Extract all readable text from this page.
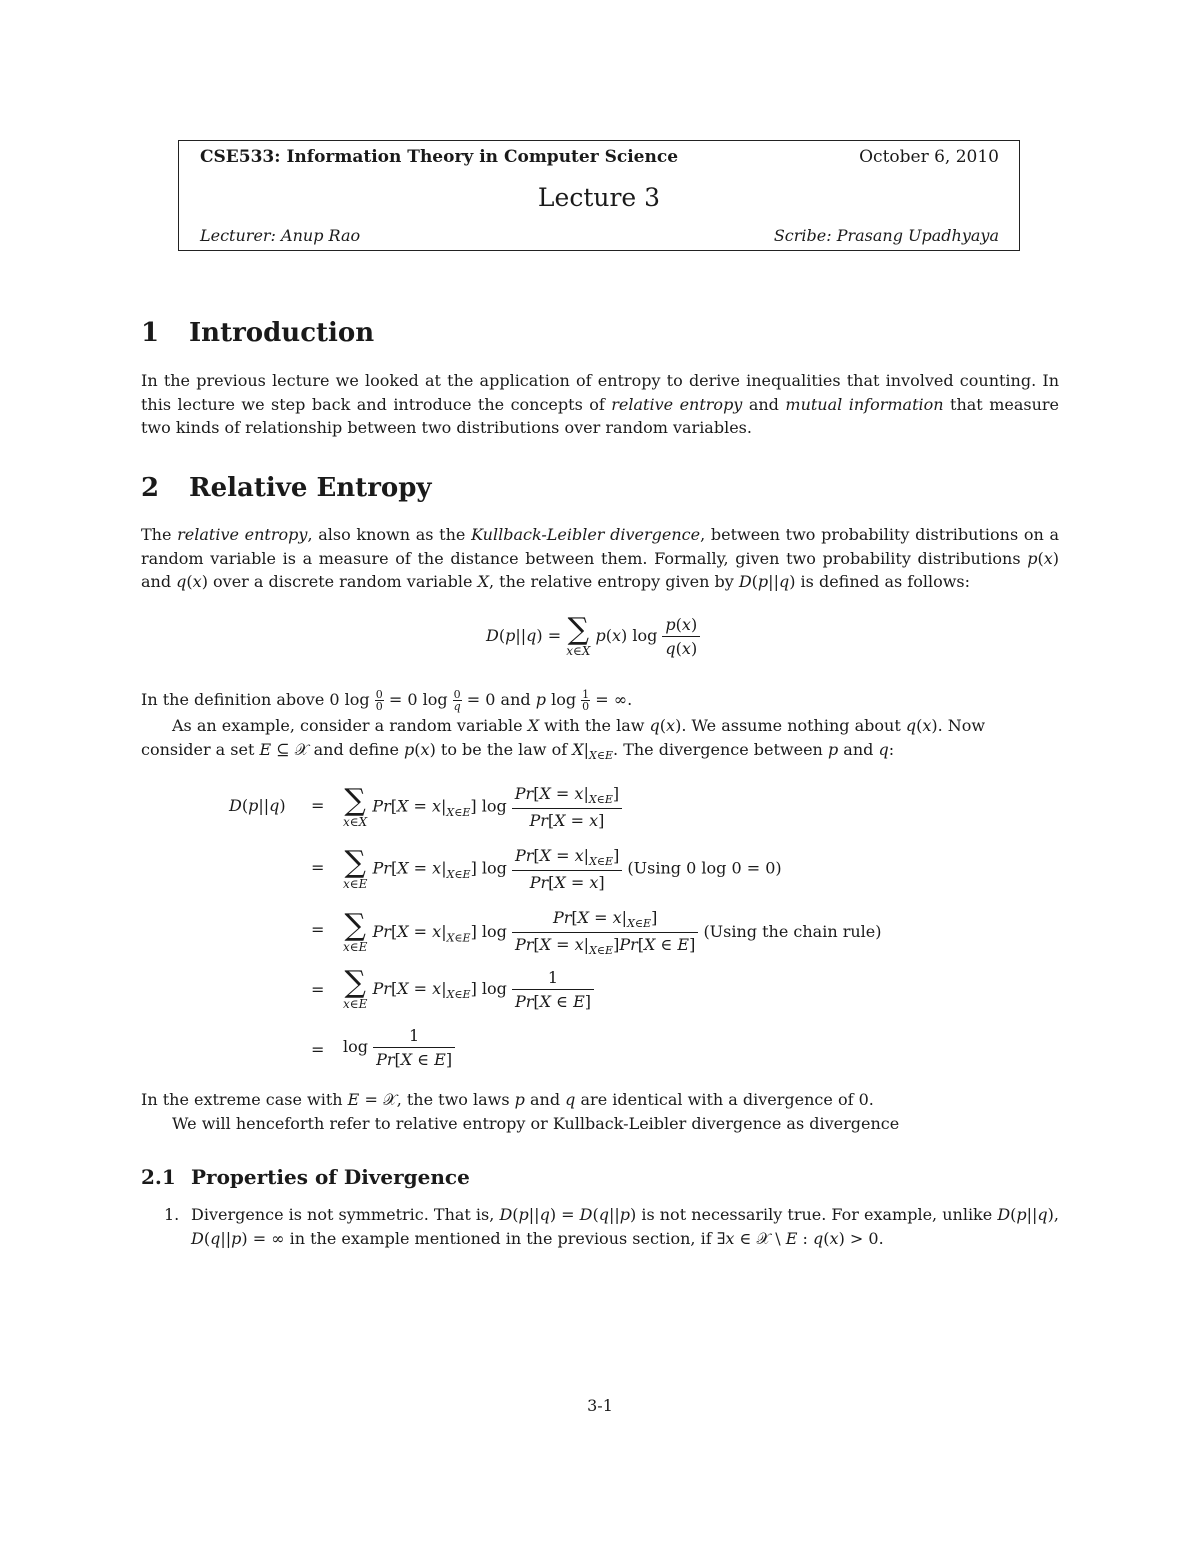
CSE533: Information Theory in Computer Science	October 6, 2010
Lecture 3
Lecturer: Anup Rao	Scribe: Prasang Upadhyaya
1 Introduction
In the previous lecture we looked at the application of entropy to derive inequalities that involved counting. In this lecture we step back and introduce the concepts of relative entropy and mutual information that measure two kinds of relationship between two distributions over random variables.
2 Relative Entropy
The relative entropy, also known as the Kullback-Leibler divergence, between two probability distributions on a random variable is a measure of the distance between them. Formally, given two probability distributions p(x) and q(x) over a discrete random variable X, the relative entropy given by D(p||q) is defined as follows:
D(p||q) = ∑
x∈X
p(x) $\log \frac{p(x)}{q(x)}$
In the definition above 0 $\log \frac{0}{0} = 0$ $\log \frac{0}{q} = 0$ and p $\log \frac{1}{0}$ = ∞.
As an example, consider a random variable X with the law q(x). We assume nothing about q(x). Now
consider a set E ⊆ 𝒳 and define p(x) to be the law of $X|_{X\in E}$. The divergence between p and q:
D(p||q) = ∑
x∈X
$Pr[X = x|_{X\in E}]$ $\log \frac{Pr[X = x|_{X\in E}]}{Pr[X = x]}$
= ∑
x∈E
$Pr[X = x|_{X\in E}]$ $\log \frac{Pr[X = x|_{X\in E}]}{Pr[X = x]} (Using$ 0 log 0 = 0)
= ∑
x∈E
$Pr[X = x|_{X\in E}]$ $\log \frac{Pr[X = x|_{X\in E}]}{Pr[X = x|_{X\in E}]Pr[X \in E]} (Using$ the chain rule)
= ∑
x∈E
$Pr[X = x|_{X\in E}]$ $\log \frac{1}{Pr[X \in E]}$
= $\log \frac{1}{Pr[X \in E]}$
In the extreme case with E = 𝒳, the two laws p and q are identical with a divergence of 0.
We will henceforth refer to relative entropy or Kullback-Leibler divergence as divergence
2.1 Properties of Divergence
1. Divergence is not symmetric. That is, D(p||q) = D(q||p) is not necessarily true. For example, unlike D(p||q), D(q||p) = ∞ in the example mentioned in the previous section, if ∃x ∈ 𝒳 \ E : q(x) > 0.
3-1
